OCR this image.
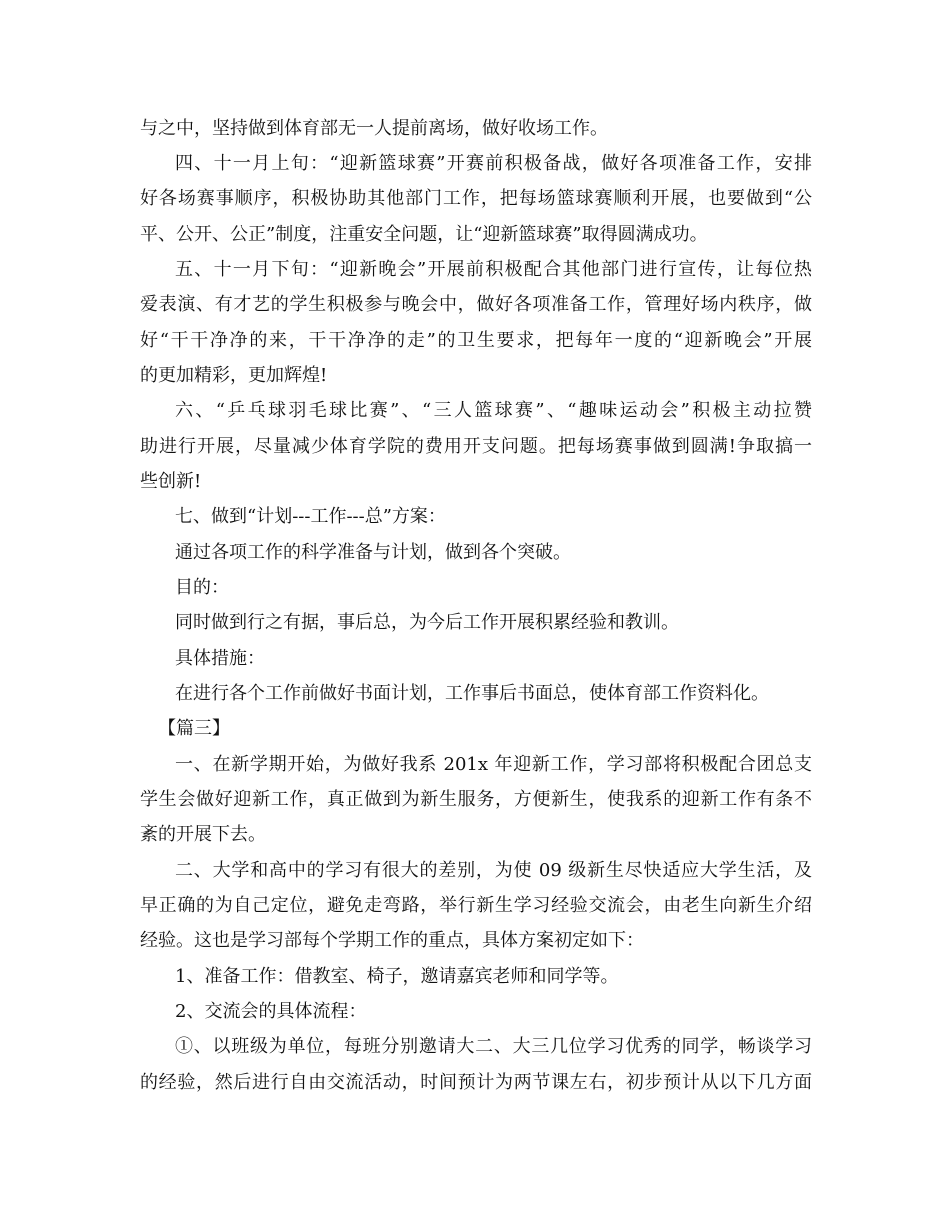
与之中，坚持做到体育部无一人提前离场，做好收场工作。
四、十一月上旬：“迎新篮球赛”开赛前积极备战，做好各项准备工作，安排
好各场赛事顺序，积极协助其他部门工作，把每场篮球赛顺利开展，也要做到“公
平、公开、公正”制度，注重安全问题，让“迎新篮球赛”取得圆满成功。
五、十一月下旬：“迎新晚会”开展前积极配合其他部门进行宣传，让每位热
爱表演、有才艺的学生积极参与晚会中，做好各项准备工作，管理好场内秩序，做
好“干干净净的来，干干净净的走”的卫生要求，把每年一度的“迎新晚会”开展
的更加精彩，更加辉煌!
六、“乒乓球羽毛球比赛”、“三人篮球赛”、“趣味运动会”积极主动拉赞
助进行开展，尽量减少体育学院的费用开支问题。把每场赛事做到圆满!争取搞一
些创新!
七、做到“计划---工作---总”方案：
通过各项工作的科学准备与计划，做到各个突破。
目的：
同时做到行之有据，事后总，为今后工作开展积累经验和教训。
具体措施：
在进行各个工作前做好书面计划，工作事后书面总，使体育部工作资料化。
【篇三】
一、在新学期开始，为做好我系 201x 年迎新工作，学习部将积极配合团总支
学生会做好迎新工作，真正做到为新生服务，方便新生，使我系的迎新工作有条不
紊的开展下去。
二、大学和高中的学习有很大的差别，为使 09 级新生尽快适应大学生活，及
早正确的为自己定位，避免走弯路，举行新生学习经验交流会，由老生向新生介绍
经验。这也是学习部每个学期工作的重点，具体方案初定如下：
1、准备工作：借教室、椅子，邀请嘉宾老师和同学等。
2、交流会的具体流程：
①、以班级为单位，每班分别邀请大二、大三几位学习优秀的同学，畅谈学习
的经验，然后进行自由交流活动，时间预计为两节课左右，初步预计从以下几方面
